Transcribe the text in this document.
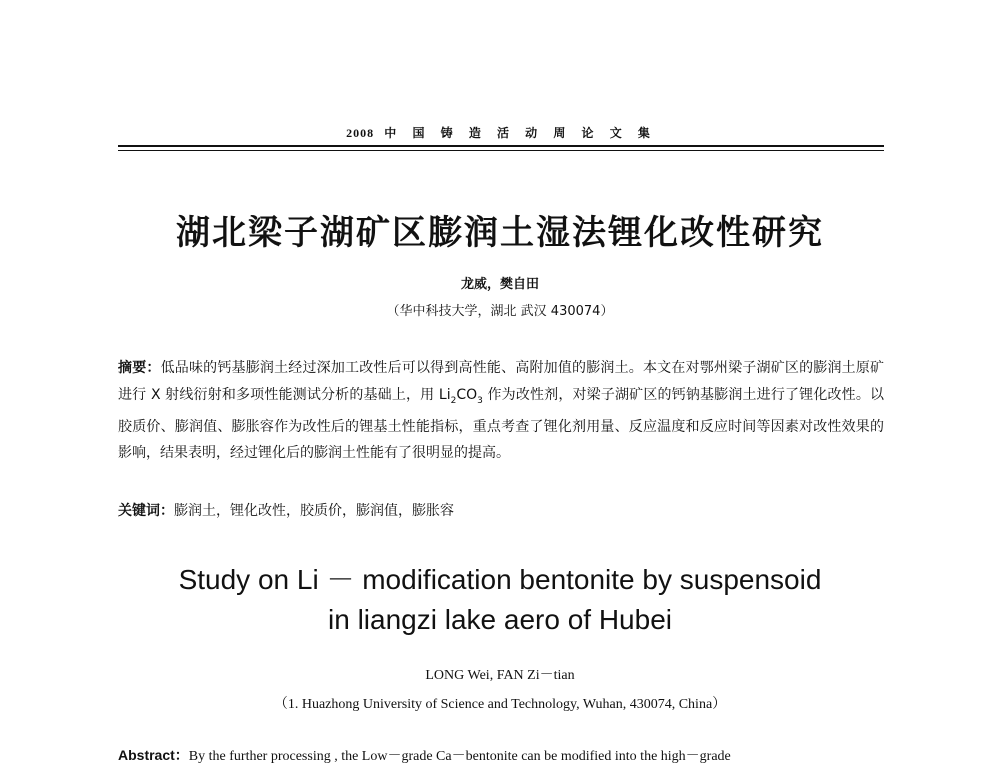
2008 中 国 铸 造 活 动 周 论 文 集
湖北梁子湖矿区膨润土湿法锂化改性研究
龙威，樊自田
（华中科技大学，湖北 武汉 430074）
摘要：低品味的钙基膨润土经过深加工改性后可以得到高性能、高附加值的膨润土。本文在对鄂州梁子湖矿区的膨润土原矿进行 X 射线衍射和多项性能测试分析的基础上，用 $Li_2CO_3$ 作为改性剂，对梁子湖矿区的钙钠基膨润土进行了锂化改性。以胶质价、膨润值、膨胀容作为改性后的锂基土性能指标，重点考查了锂化剂用量、反应温度和反应时间等因素对改性效果的影响，结果表明，经过锂化后的膨润土性能有了很明显的提高。
关键词：膨润土，锂化改性，胶质价，膨润值，膨胀容
Study on Li － modification bentonite by suspensoid
in liangzi lake aero of Hubei
LONG Wei, FAN Zi－tian
（1. Huazhong University of Science and Technology, Wuhan, 430074, China）
Abstract：By the further processing , the Low－grade Ca－bentonite can be modified into the high－grade
